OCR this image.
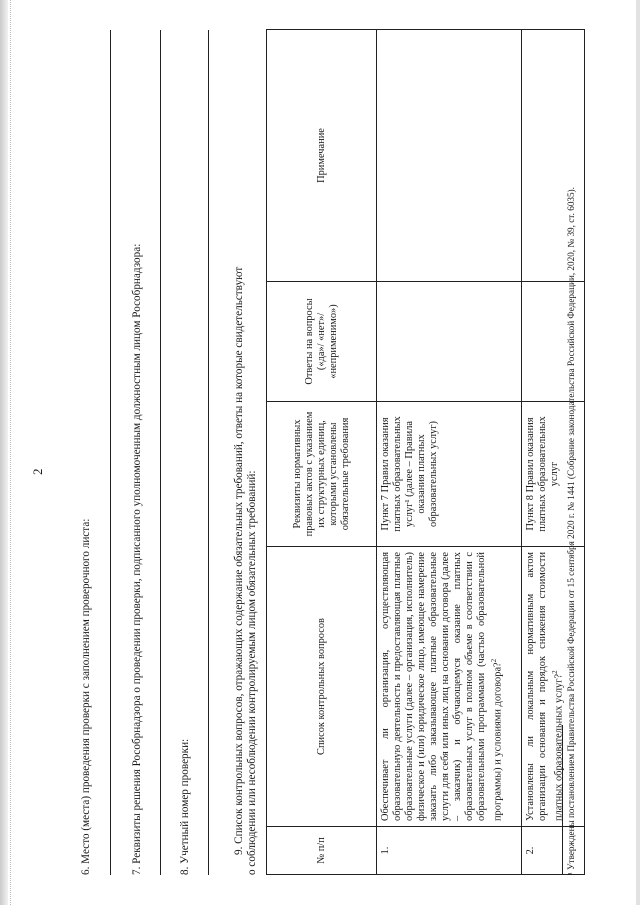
2
6. Место (места) проведения проверки с заполнением проверочного листа:	7. Реквизиты решения Рособрнадзора о проведении проверки, подписанного уполномоченным должностным лицом Рособрнадзора:	8. Учетный номер проверки:	9. Список контрольных вопросов, отражающих содержание обязательных требований, ответы на которые свидетельствуют о соблюдении или несоблюдении контролируемым лицом обязательных требований:	№ п/п	Список контрольных вопросов	Реквизиты нормативных правовых актов с указанием их структурных единиц, которыми установлены обязательные требования	Ответы на вопросы («да»/ «нет»/ «неприменимо»)	Примечание
1.	Обеспечивает ли организация, осуществляющая образовательную деятельность и предоставляющая платные образовательные услуги (далее – организация, исполнитель) физическое и (или) юридическое лицо, имеющее намерение заказать либо заказывающее платные образовательные услуги для себя или иных лиц на основании договора (далее – заказчик) и обучающемуся оказание платных образовательных услуг в полном объеме в соответствии с образовательными программами (частью образовательной программы) и условиями договора?$^2$	Пункт 7 Правил оказания платных образовательных услуг¹ (далее – Правила оказания платных образовательных услуг)		
2.	Установлены ли локальным нормативным актом организации основания и порядок снижения стоимости платных образовательных услуг?$^2$	Пункт 8 Правил оказания платных образовательных услуг		¹ Утверждены постановлением Правительства Российской Федерации от 15 сентября 2020 г. № 1441 (Собрание законодательства Российской Федерации, 2020, № 39, ст. 6035).
